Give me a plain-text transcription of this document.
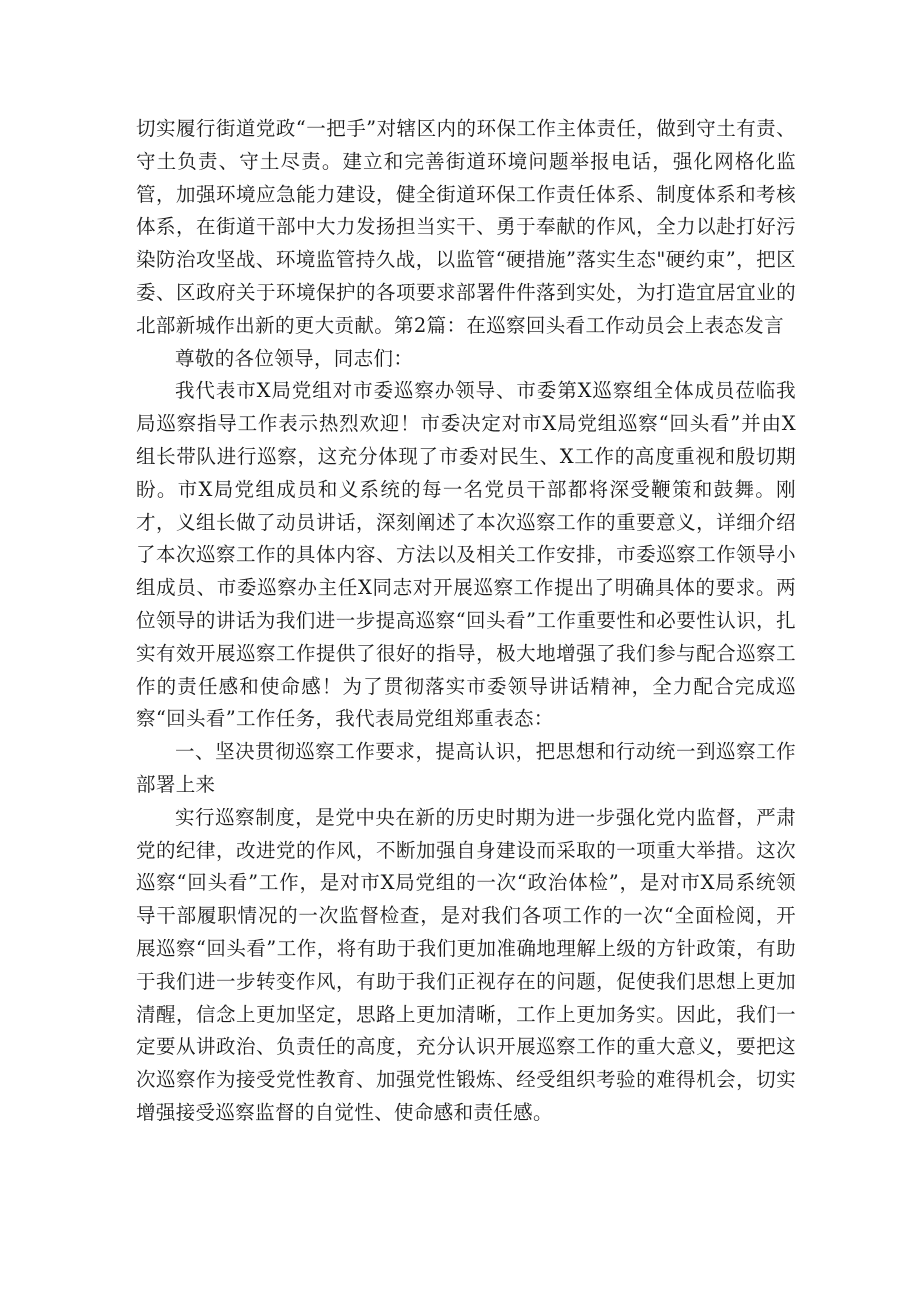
切实履行街道党政“一把手”对辖区内的环保工作主体责任，做到守土有责、守土负责、守土尽责。建立和完善街道环境问题举报电话，强化网格化监管，加强环境应急能力建设，健全街道环保工作责任体系、制度体系和考核体系，在街道干部中大力发扬担当实干、勇于奉献的作风，全力以赴打好污染防治攻坚战、环境监管持久战，以监管“硬措施”落实生态"硬约束”，把区委、区政府关于环境保护的各项要求部署件件落到实处，为打造宜居宜业的北部新城作出新的更大贡献。第2篇：在巡察回头看工作动员会上表态发言

尊敬的各位领导，同志们：

我代表市X局党组对市委巡察办领导、市委第X巡察组全体成员莅临我局巡察指导工作表示热烈欢迎！市委决定对市X局党组巡察“回头看”并由X组长带队进行巡察，这充分体现了市委对民生、X工作的高度重视和殷切期盼。市X局党组成员和义系统的每一名党员干部都将深受鞭策和鼓舞。刚才，义组长做了动员讲话，深刻阐述了本次巡察工作的重要意义，详细介绍了本次巡察工作的具体内容、方法以及相关工作安排，市委巡察工作领导小组成员、市委巡察办主任X同志对开展巡察工作提出了明确具体的要求。两位领导的讲话为我们进一步提高巡察“回头看”工作重要性和必要性认识，扎实有效开展巡察工作提供了很好的指导，极大地增强了我们参与配合巡察工作的责任感和使命感！为了贯彻落实市委领导讲话精神，全力配合完成巡察“回头看”工作任务，我代表局党组郑重表态：

一、坚决贯彻巡察工作要求，提高认识，把思想和行动统一到巡察工作部署上来

实行巡察制度，是党中央在新的历史时期为进一步强化党内监督，严肃党的纪律，改进党的作风，不断加强自身建设而采取的一项重大举措。这次巡察“回头看”工作，是对市X局党组的一次“政治体检”，是对市X局系统领导干部履职情况的一次监督检查，是对我们各项工作的一次“全面检阅，开展巡察“回头看”工作，将有助于我们更加准确地理解上级的方针政策，有助于我们进一步转变作风，有助于我们正视存在的问题，促使我们思想上更加清醒，信念上更加坚定，思路上更加清晰，工作上更加务实。因此，我们一定要从讲政治、负责任的高度，充分认识开展巡察工作的重大意义，要把这次巡察作为接受党性教育、加强党性锻炼、经受组织考验的难得机会，切实增强接受巡察监督的自觉性、使命感和责任感。
